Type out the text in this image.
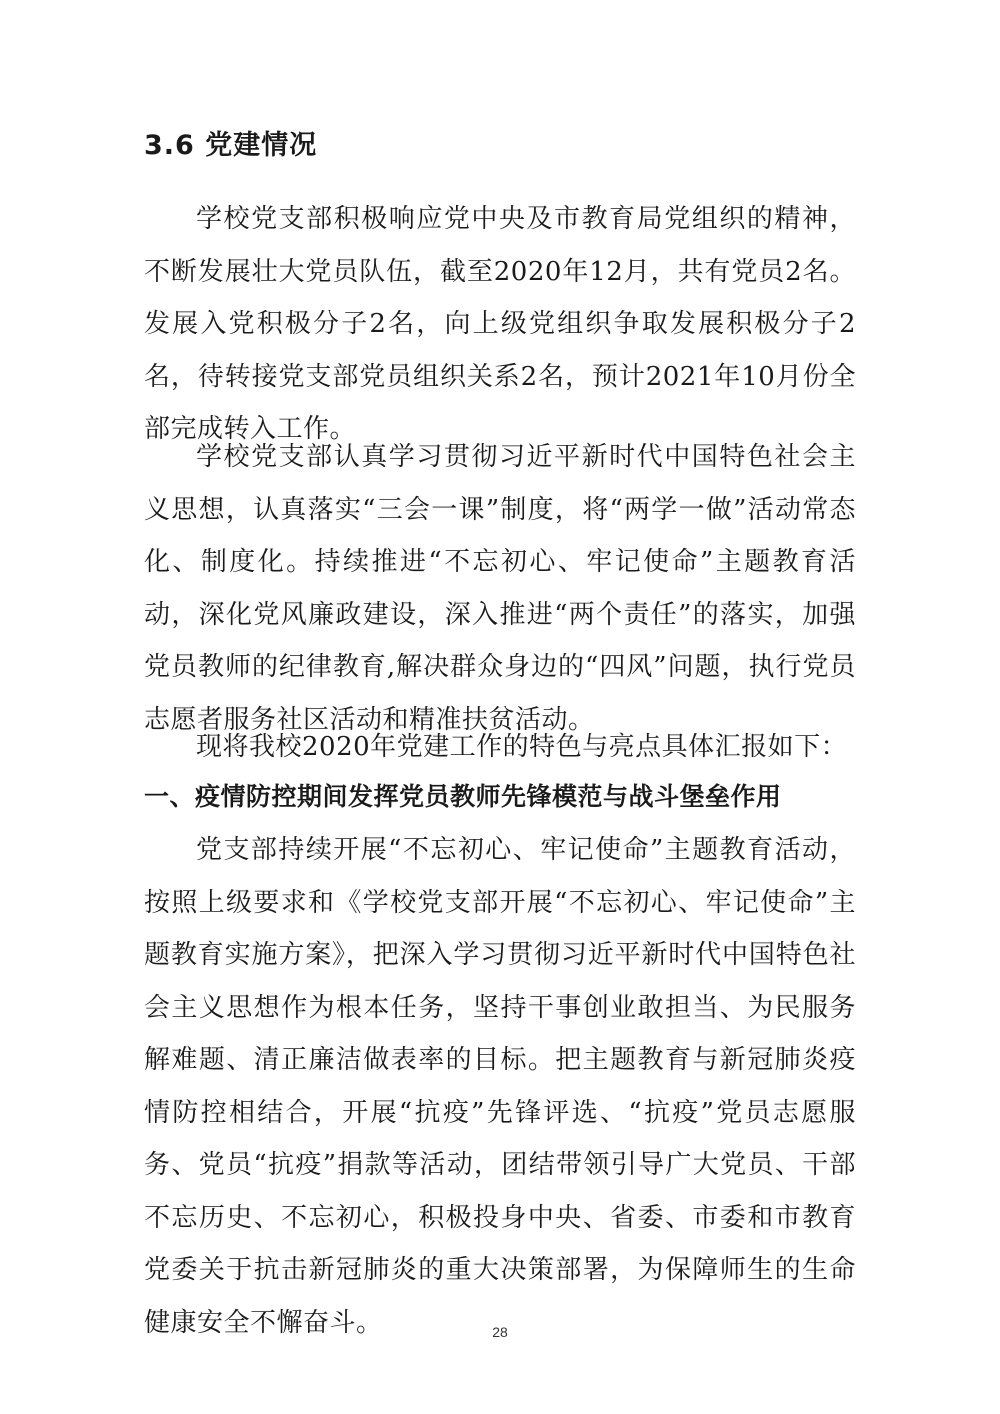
3.6 党建情况

学校党支部积极响应党中央及市教育局党组织的精神，不断发展壮大党员队伍，截至2020年12月，共有党员2名。发展入党积极分子2名，向上级党组织争取发展积极分子2名，待转接党支部党员组织关系2名，预计2021年10月份全部完成转入工作。

学校党支部认真学习贯彻习近平新时代中国特色社会主义思想，认真落实“三会一课”制度，将“两学一做”活动常态化、制度化。持续推进“不忘初心、牢记使命”主题教育活动，深化党风廉政建设，深入推进“两个责任”的落实，加强党员教师的纪律教育,解决群众身边的“四风”问题，执行党员志愿者服务社区活动和精准扶贫活动。

现将我校2020年党建工作的特色与亮点具体汇报如下：

一、疫情防控期间发挥党员教师先锋模范与战斗堡垒作用

党支部持续开展“不忘初心、牢记使命”主题教育活动，按照上级要求和《学校党支部开展“不忘初心、牢记使命”主题教育实施方案》，把深入学习贯彻习近平新时代中国特色社会主义思想作为根本任务，坚持干事创业敢担当、为民服务解难题、清正廉洁做表率的目标。把主题教育与新冠肺炎疫情防控相结合，开展“抗疫”先锋评选、“抗疫”党员志愿服务、党员“抗疫”捐款等活动，团结带领引导广大党员、干部不忘历史、不忘初心，积极投身中央、省委、市委和市教育党委关于抗击新冠肺炎的重大决策部署，为保障师生的生命健康安全不懈奋斗。	28
